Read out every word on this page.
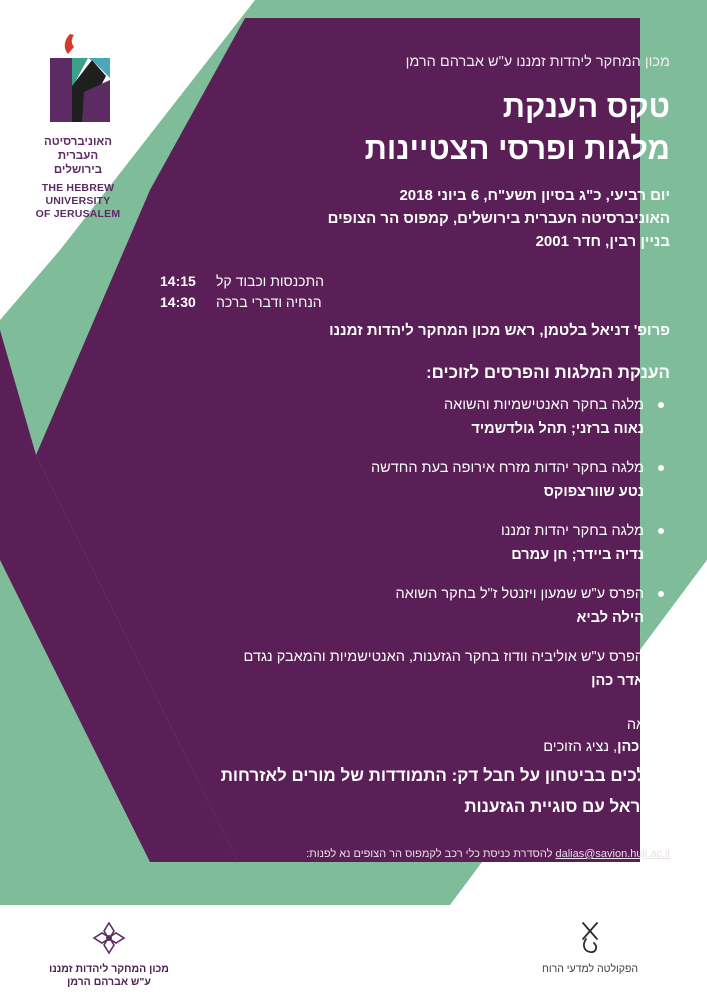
האוניברסיטה
העברית
בירושלים
THE HEBREW
UNIVERSITY
OF JERUSALEM
מכון המחקר ליהדות זמננו ע"ש אברהם הרמן
טקס הענקת
מלגות ופרסי הצטיינות
יום רביעי, כ"ג בסיון תשע"ח, 6 ביוני 2018
האוניברסיטה העברית בירושלים, קמפוס הר הצופים
בניין רבין, חדר 2001
התכנסות וכבוד קל
14:15
הנחיה ודברי ברכה
14:30
פרופ' דניאל בלטמן, ראש מכון המחקר ליהדות זמננו
הענקת המלגות והפרסים לזוכים:
מלגה בחקר האנטישמיות והשואה
נאוה ברזני; תהל גולדשמיד
מלגה בחקר יהדות מזרח אירופה בעת החדשה
נטע שוורצפוקס
מלגה בחקר יהדות זמננו
נדיה ביידר; חן עמרם
הפרס ע"ש שמעון ויזנטל ז"ל בחקר השואה
הילה לביא
הפרס ע"ש אוליביה וודוז בחקר הגזענות, האנטישמיות והמאבק נגדם
אדר כהן
הרצאה
אדר כהן, נציג הזוכים
מהלכים בביטחון על חבל דק: התמודדות של מורים לאזרחות
בישראל עם סוגיית הגזענות
dalias@savion.huji.ac.il להסדרת כניסת כלי רכב לקמפוס הר הצופים נא לפנות:
מכון המחקר ליהדות זמננו
ע"ש אברהם הרמן
הפקולטה למדעי הרוח
